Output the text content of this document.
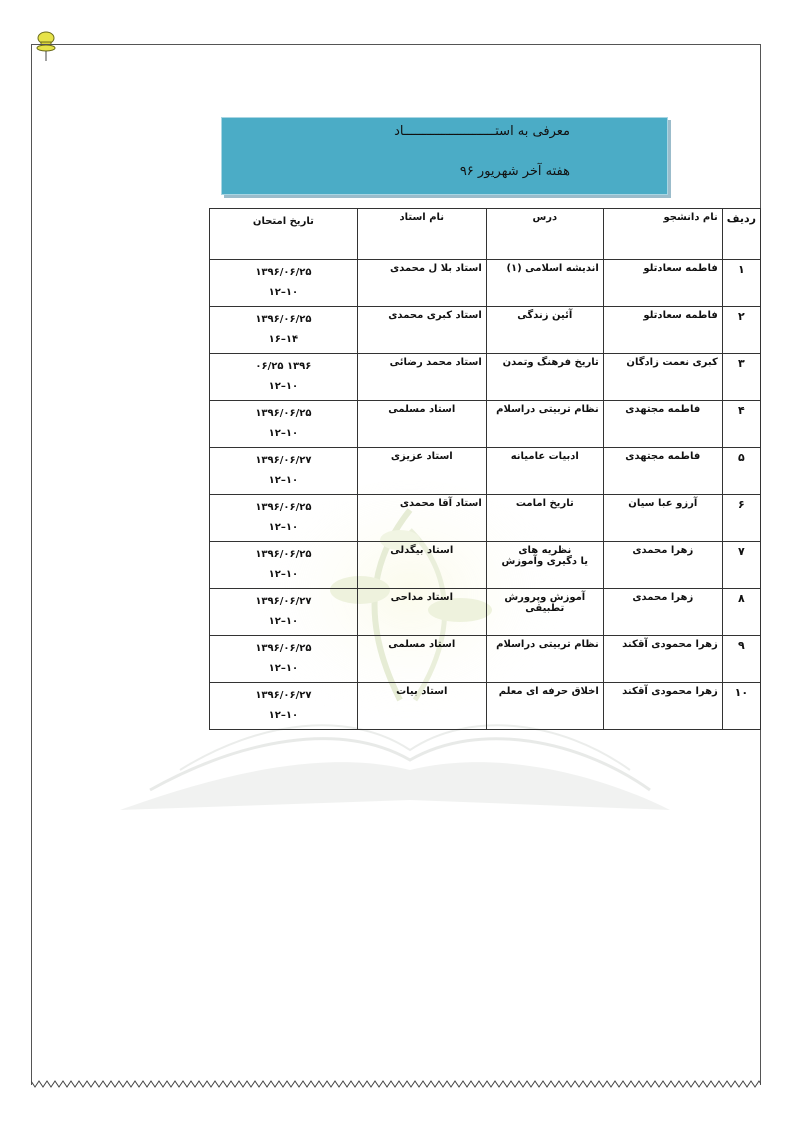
معرفی به استــــــــــــــــــــــــاد
هفته آخر شهریور ۹۶
ردیف	نام دانشجو	درس	نام استاد	تاریخ امتحان
۱	فاطمه سعادتلو	اندیشه اسلامی (۱)	استاد بلا ل محمدی	۱۳۹۶/۰۶/۲۵
۱۰–۱۲

۲	فاطمه سعادتلو	آئین زندگی	استاد کبری محمدی	۱۳۹۶/۰۶/۲۵
۱۴–۱۶

۳	کبری نعمت زادگان	تاریخ فرهنگ وتمدن	استاد محمد رضائی	۱۳۹۶ ۰۶/۲۵
۱۰–۱۲

۴	فاطمه مجتهدی	نظام تربیتی دراسلام	استاد مسلمی	۱۳۹۶/۰۶/۲۵
۱۰–۱۲

۵	فاطمه مجتهدی	ادبیات عامیانه	استاد عزیزی	۱۳۹۶/۰۶/۲۷
۱۰–۱۲

۶	آرزو عبا سیان	تاریخ امامت	استاد آقا محمدی	۱۳۹۶/۰۶/۲۵
۱۰–۱۲

۷	زهرا محمدی	نظریه های
یا دگیری وآموزش	استاد بیگدلی	۱۳۹۶/۰۶/۲۵
۱۰–۱۲

۸	زهرا محمدی	آموزش وپرورش
تطبیقی	استاد مداحی	۱۳۹۶/۰۶/۲۷
۱۰–۱۲

۹	زهرا محمودی آقکند	نظام تربیتی دراسلام	استاد مسلمی	۱۳۹۶/۰۶/۲۵
۱۰–۱۲

۱۰	زهرا محمودی آقکند	اخلاق حرفه ای معلم	استاد بیات	۱۳۹۶/۰۶/۲۷
۱۰–۱۲
